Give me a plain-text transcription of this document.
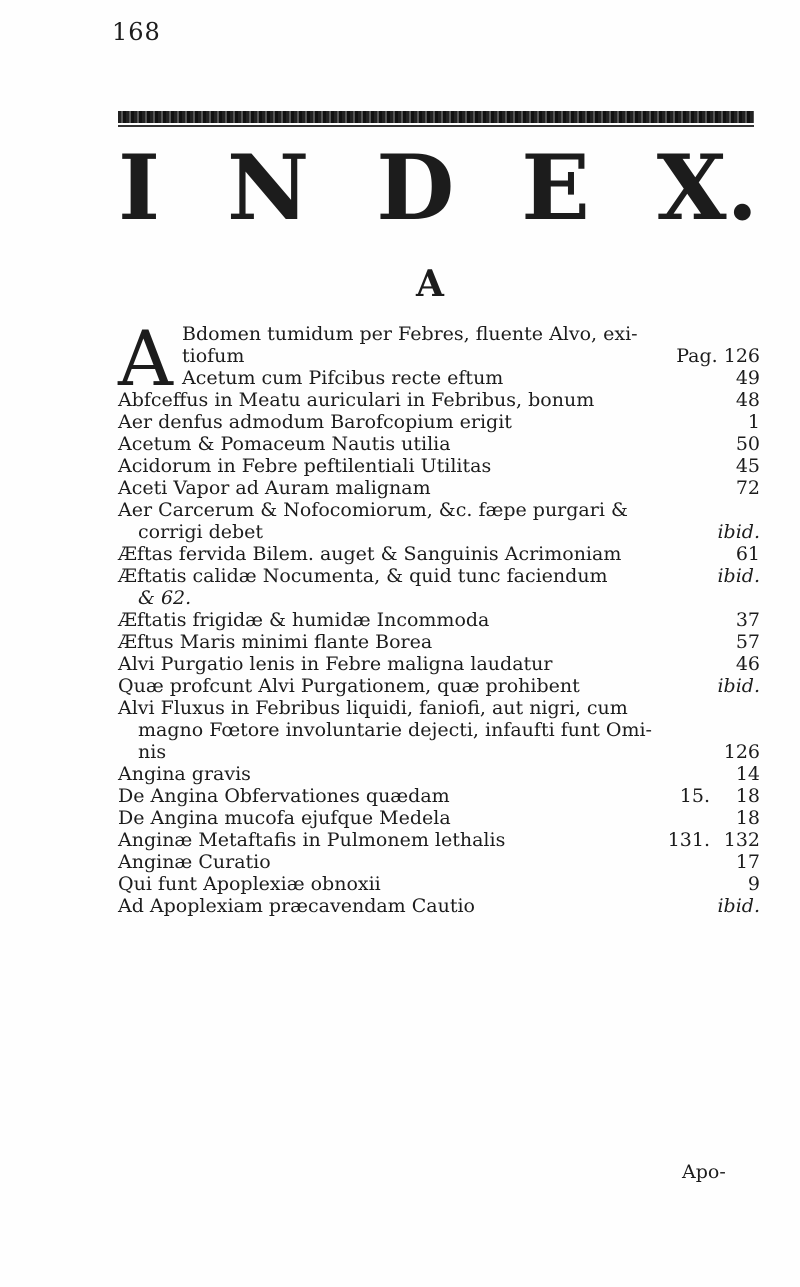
168
I N D E X.
A
A Bdomen tumidum per Febres, fluente Alvo, exi-
tiofum	Pag. 126
Acetum cum Pifcibus recte eftum	49
Abfceffus in Meatu auriculari in Febribus, bonum	48
Aer denfus admodum Barofcopium erigit	1
Acetum & Pomaceum Nautis utilia	50
Acidorum in Febre peftilentiali Utilitas	45
Aceti Vapor ad Auram malignam	72
Aer Carcerum & Nofocomiorum, &c. fæpe purgari &
corrigi debet	ibid.
Æftas fervida Bilem. auget & Sanguinis Acrimoniam	61
Æftatis calidæ Nocumenta, & quid tunc faciendum	ibid.
& 62.
Æftatis frigidæ & humidæ Incommoda	37
Æftus Maris minimi flante Borea	57
Alvi Purgatio lenis in Febre maligna laudatur	46
Quæ profcunt Alvi Purgationem, quæ prohibent	ibid.
Alvi Fluxus in Febribus liquidi, faniofi, aut nigri, cum
magno Fœtore involuntarie dejecti, infaufti funt Omi-
nis	126
Angina gravis	14
De Angina Obfervationes quædam	15. 18
De Angina mucofa ejufque Medela	18
Anginæ Metaftafis in Pulmonem lethalis	131. 132
Anginæ Curatio	17
Qui funt Apoplexiæ obnoxii	9
Ad Apoplexiam præcavendam Cautio	ibid.
Apo-
